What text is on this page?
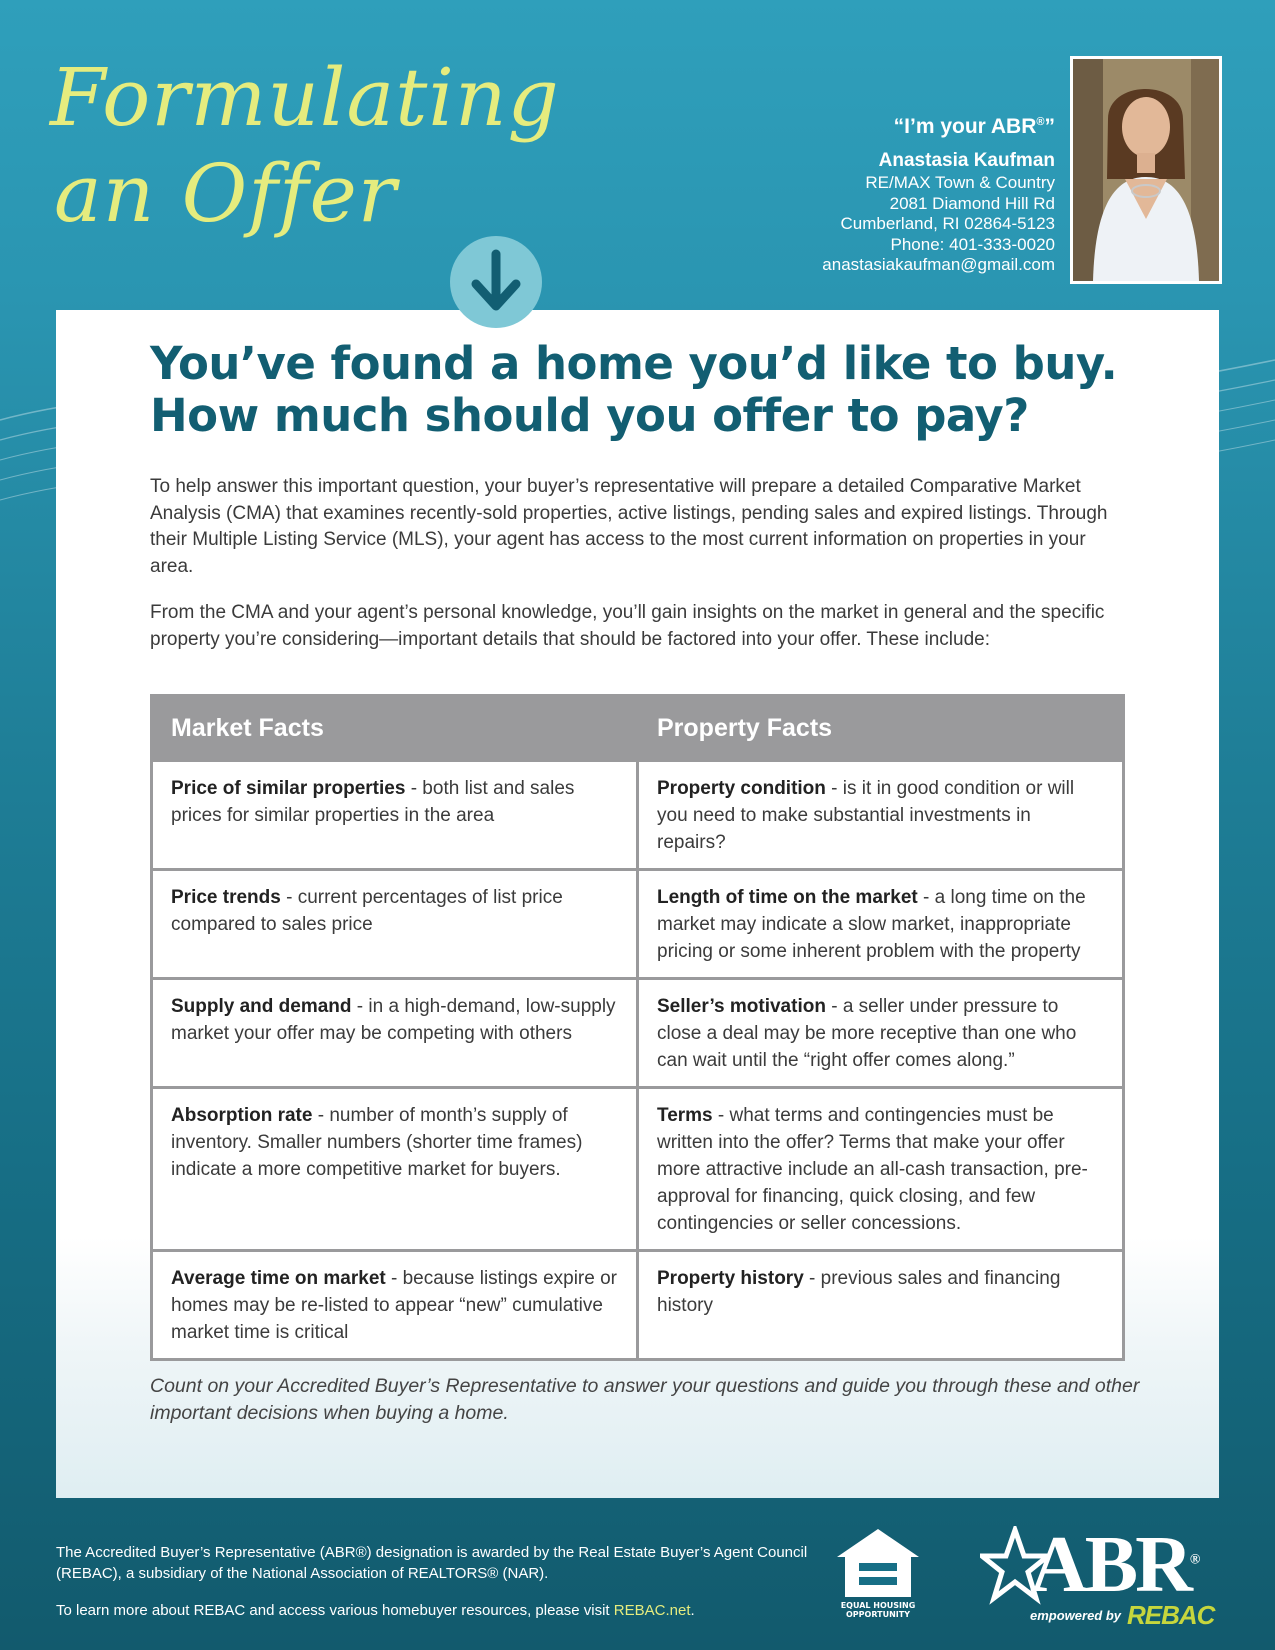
Formulating
an Offer
“I’m your ABR®”
Anastasia Kaufman
RE/MAX Town & Country
2081 Diamond Hill Rd
Cumberland, RI 02864-5123
Phone: 401-333-0020
anastasiakaufman@gmail.com
You’ve found a home you’d like to buy.
How much should you offer to pay?

To help answer this important question, your buyer’s representative will prepare a detailed Comparative Market Analysis (CMA) that examines recently-sold properties, active listings, pending sales and expired listings. Through their Multiple Listing Service (MLS), your agent has access to the most current information on properties in your area.

From the CMA and your agent’s personal knowledge, you’ll gain insights on the market in general and the specific property you’re considering—important details that should be factored into your offer. These include:

Market Facts	Property Facts
Price of similar properties - both list and sales prices for similar properties in the area	Property condition - is it in good condition or will you need to make substantial investments in repairs?
Price trends - current percentages of list price compared to sales price	Length of time on the market - a long time on the market may indicate a slow market, inappropriate pricing or some inherent problem with the property
Supply and demand - in a high-demand, low-supply market your offer may be competing with others	Seller’s motivation - a seller under pressure to close a deal may be more receptive than one who can wait until the “right offer comes along.”
Absorption rate - number of month’s supply of inventory. Smaller numbers (shorter time frames) indicate a more competitive market for buyers.	Terms - what terms and contingencies must be written into the offer? Terms that make your offer more attractive include an all-cash transaction, pre-approval for financing, quick closing, and few contingencies or seller concessions.
Average time on market - because listings expire or homes may be re-listed to appear “new” cumulative market time is critical	Property history - previous sales and financing history

Count on your Accredited Buyer’s Representative to answer your questions and guide you through these and other important decisions when buying a home.

The Accredited Buyer’s Representative (ABR®) designation is awarded by the Real Estate Buyer’s Agent Council (REBAC), a subsidiary of the National Association of REALTORS® (NAR).

To learn more about REBAC and access various homebuyer resources, please visit REBAC.net.	EQUAL HOUSING
OPPORTUNITY
ABR®
empowered by REBAC
